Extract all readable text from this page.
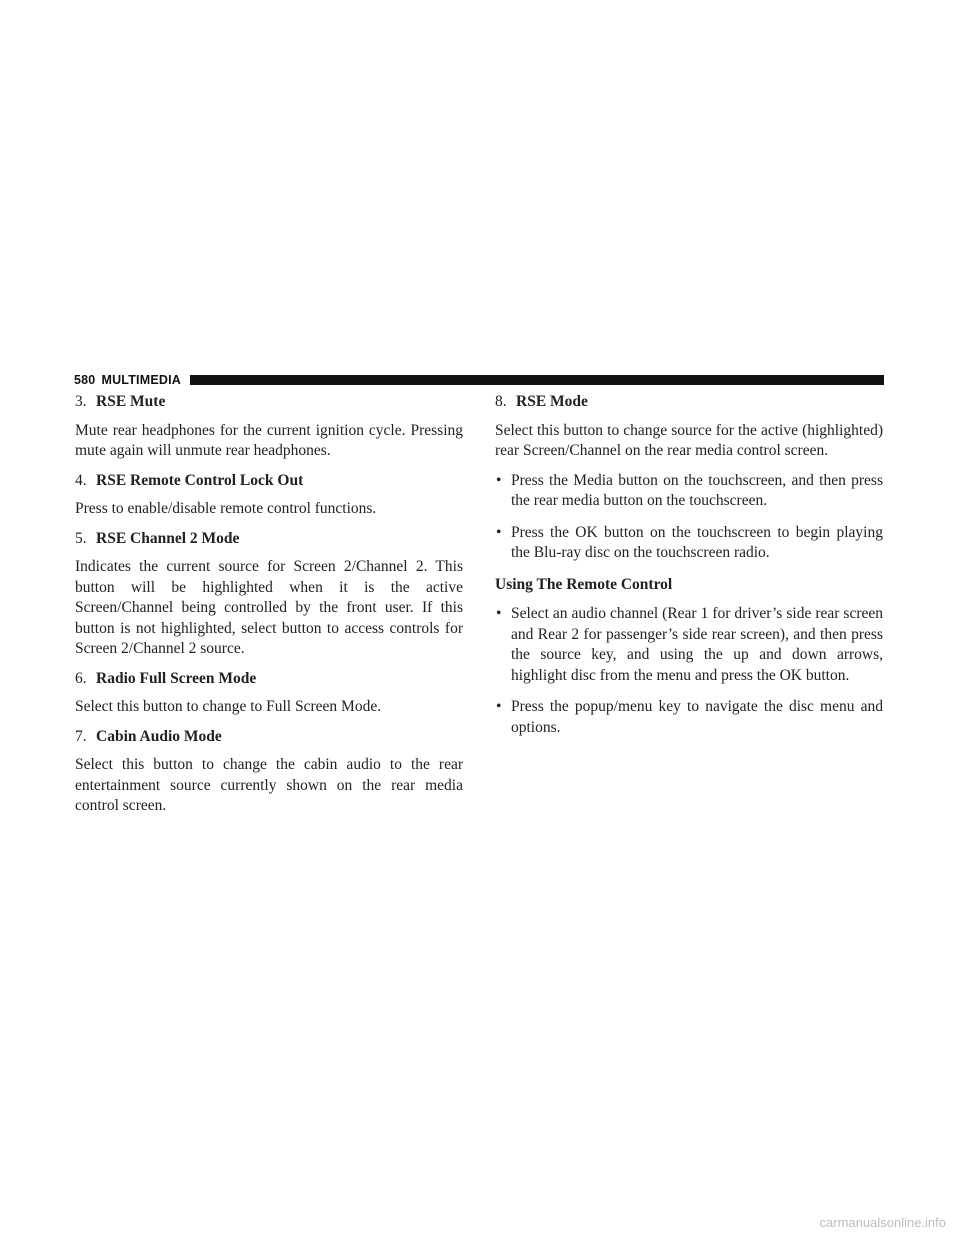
580 MULTIMEDIA

3. RSE Mute

Mute rear headphones for the current ignition cycle. Pressing mute again will unmute rear headphones.

4. RSE Remote Control Lock Out

Press to enable/disable remote control functions.

5. RSE Channel 2 Mode

Indicates the current source for Screen 2/Channel 2. This button will be highlighted when it is the active Screen/Channel being controlled by the front user. If this button is not highlighted, select button to access controls for Screen 2/Channel 2 source.

6. Radio Full Screen Mode

Select this button to change to Full Screen Mode.

7. Cabin Audio Mode

Select this button to change the cabin audio to the rear entertainment source currently shown on the rear media control screen.

8. RSE Mode

Select this button to change source for the active (highlighted) rear Screen/Channel on the rear media control screen.

• Press the Media button on the touchscreen, and then press the rear media button on the touchscreen.
• Press the OK button on the touchscreen to begin playing the Blu-ray disc on the touchscreen radio.

Using The Remote Control

• Select an audio channel (Rear 1 for driver’s side rear screen and Rear 2 for passenger’s side rear screen), and then press the source key, and using the up and down arrows, highlight disc from the menu and press the OK button.
• Press the popup/menu key to navigate the disc menu and options.
carmanualsonline.info
